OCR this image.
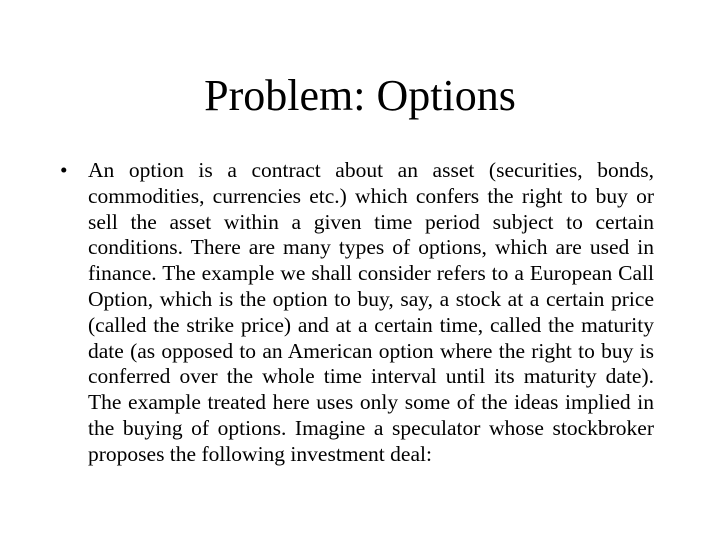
Problem: Options
• An option is a contract about an asset (securities, bonds, commodities, currencies etc.) which confers the right to buy or sell the asset within a given time period subject to certain conditions. There are many types of options, which are used in finance. The example we shall consider refers to a European Call Option, which is the option to buy, say, a stock at a certain price (called the strike price) and at a certain time, called the maturity date (as opposed to an American option where the right to buy is conferred over the whole time interval until its maturity date). The example treated here uses only some of the ideas implied in the buying of options. Imagine a speculator whose stockbroker proposes the following investment deal:
